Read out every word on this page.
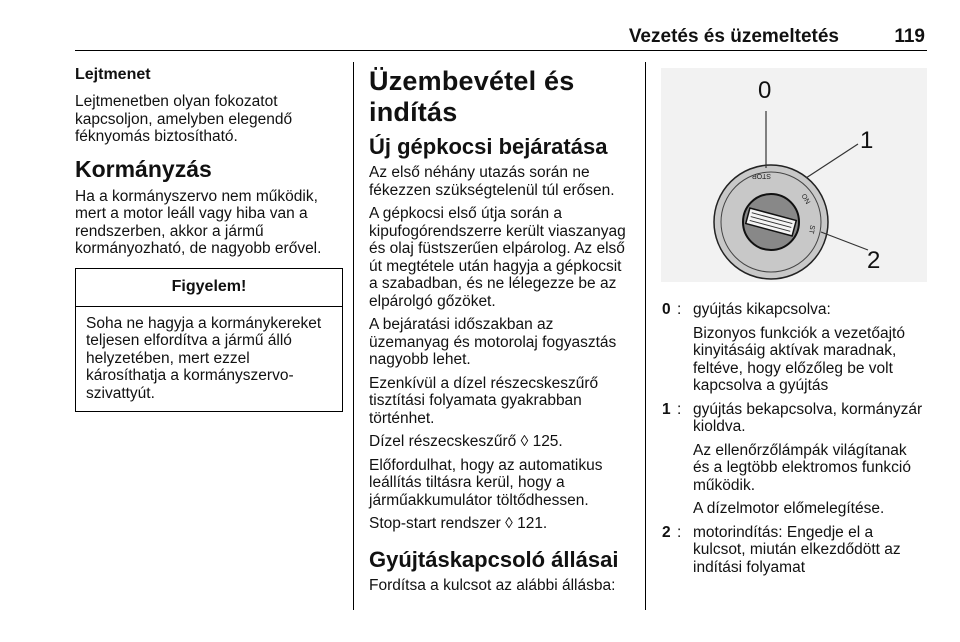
Vezetés és üzemeltetés	119
Lejtmenet

Lejtmenetben olyan fokozatot kapcsoljon, amelyben elegendő féknyomás biztosítható.

Kormányzás

Ha a kormányszervo nem működik, mert a motor leáll vagy hiba van a rendszerben, akkor a jármű kormányozható, de nagyobb erővel.

Figyelem!
Soha ne hagyja a kormánykereket teljesen elfordítva a jármű álló helyzetében, mert ezzel károsíthatja a kormányszervo-szivattyút.
Üzembevétel és indítás
Új gépkocsi bejáratása

Az első néhány utazás során ne fékezzen szükségtelenül túl erősen.

A gépkocsi első útja során a kipufogórendszerre került viaszanyag és olaj füstszerűen elpárolog. Az első út megtétele után hagyja a gépkocsit a szabadban, és ne lélegezze be az elpárolgó gőzöket.

A bejáratási időszakban az üzemanyag és motorolaj fogyasztás nagyobb lehet.

Ezenkívül a dízel részecskeszűrő tisztítási folyamata gyakrabban történhet.

Dízel részecskeszűrő ◊ 125.

Előfordulhat, hogy az automatikus leállítás tiltásra kerül, hogy a járműakkumulátor töltődhessen.

Stop-start rendszer ◊ 121.

Gyújtáskapcsoló állásai

Fordítsa a kulcsot az alábbi állásba:

STOP
ON
ST
0
1
2
0 : gyújtás kikapcsolva:

Bizonyos funkciók a vezetőajtó kinyitásáig aktívak maradnak, feltéve, hogy előzőleg be volt kapcsolva a gyújtás

1 : gyújtás bekapcsolva, kormányzár kioldva.

Az ellenőrzőlámpák világítanak és a legtöbb elektromos funkció működik.

A dízelmotor előmelegítése.

2 : motorindítás: Engedje el a kulcsot, miután elkezdődött az indítási folyamat
